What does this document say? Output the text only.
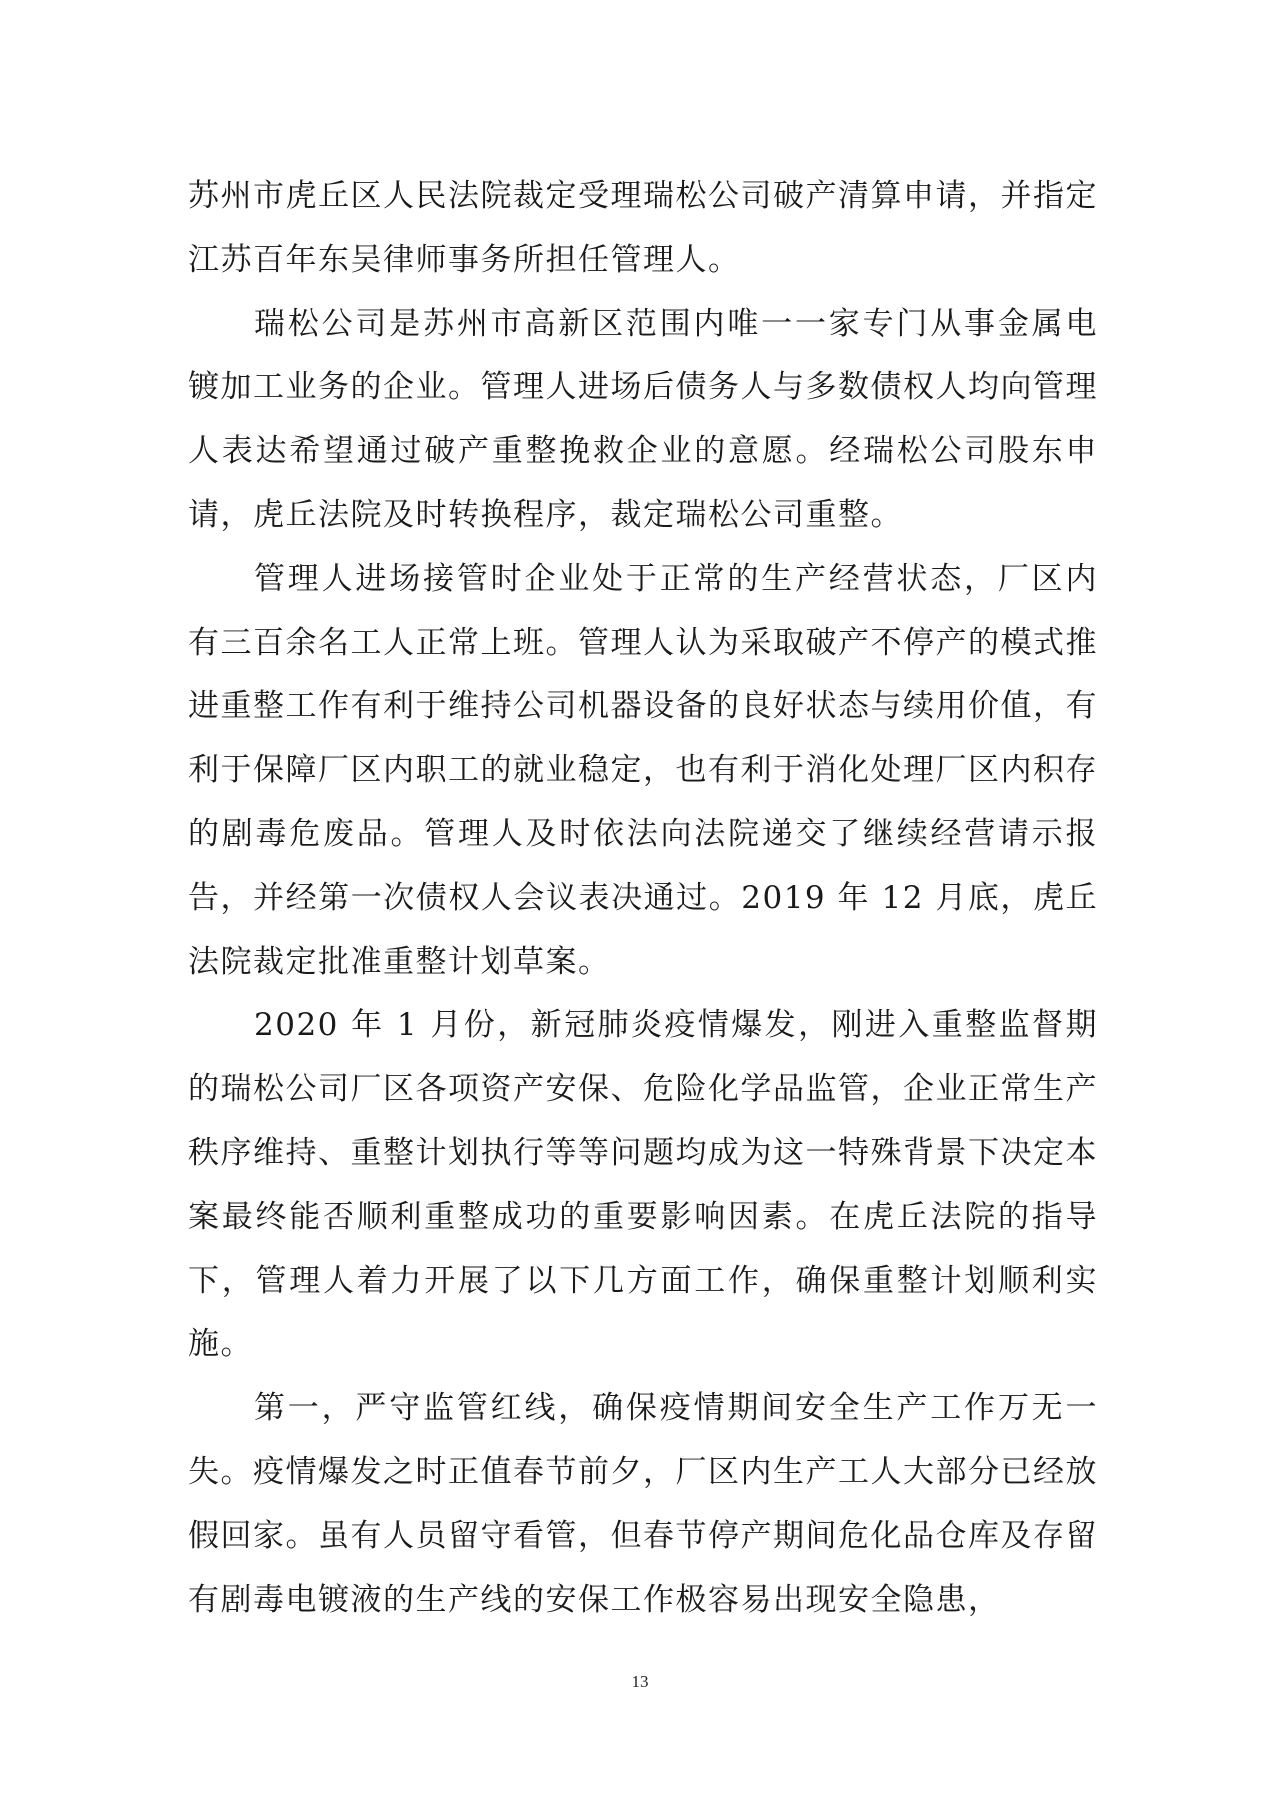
苏州市虎丘区人民法院裁定受理瑞松公司破产清算申请，并指定江苏百年东吴律师事务所担任管理人。

瑞松公司是苏州市高新区范围内唯一一家专门从事金属电镀加工业务的企业。管理人进场后债务人与多数债权人均向管理人表达希望通过破产重整挽救企业的意愿。经瑞松公司股东申请，虎丘法院及时转换程序，裁定瑞松公司重整。

管理人进场接管时企业处于正常的生产经营状态，厂区内有三百余名工人正常上班。管理人认为采取破产不停产的模式推进重整工作有利于维持公司机器设备的良好状态与续用价值，有利于保障厂区内职工的就业稳定，也有利于消化处理厂区内积存的剧毒危废品。管理人及时依法向法院递交了继续经营请示报告，并经第一次债权人会议表决通过。2019 年 12 月底，虎丘法院裁定批准重整计划草案。

2020 年 1 月份，新冠肺炎疫情爆发，刚进入重整监督期的瑞松公司厂区各项资产安保、危险化学品监管，企业正常生产秩序维持、重整计划执行等等问题均成为这一特殊背景下决定本案最终能否顺利重整成功的重要影响因素。在虎丘法院的指导下，管理人着力开展了以下几方面工作，确保重整计划顺利实施。

第一，严守监管红线，确保疫情期间安全生产工作万无一失。疫情爆发之时正值春节前夕，厂区内生产工人大部分已经放假回家。虽有人员留守看管，但春节停产期间危化品仓库及存留有剧毒电镀液的生产线的安保工作极容易出现安全隐患，

13
